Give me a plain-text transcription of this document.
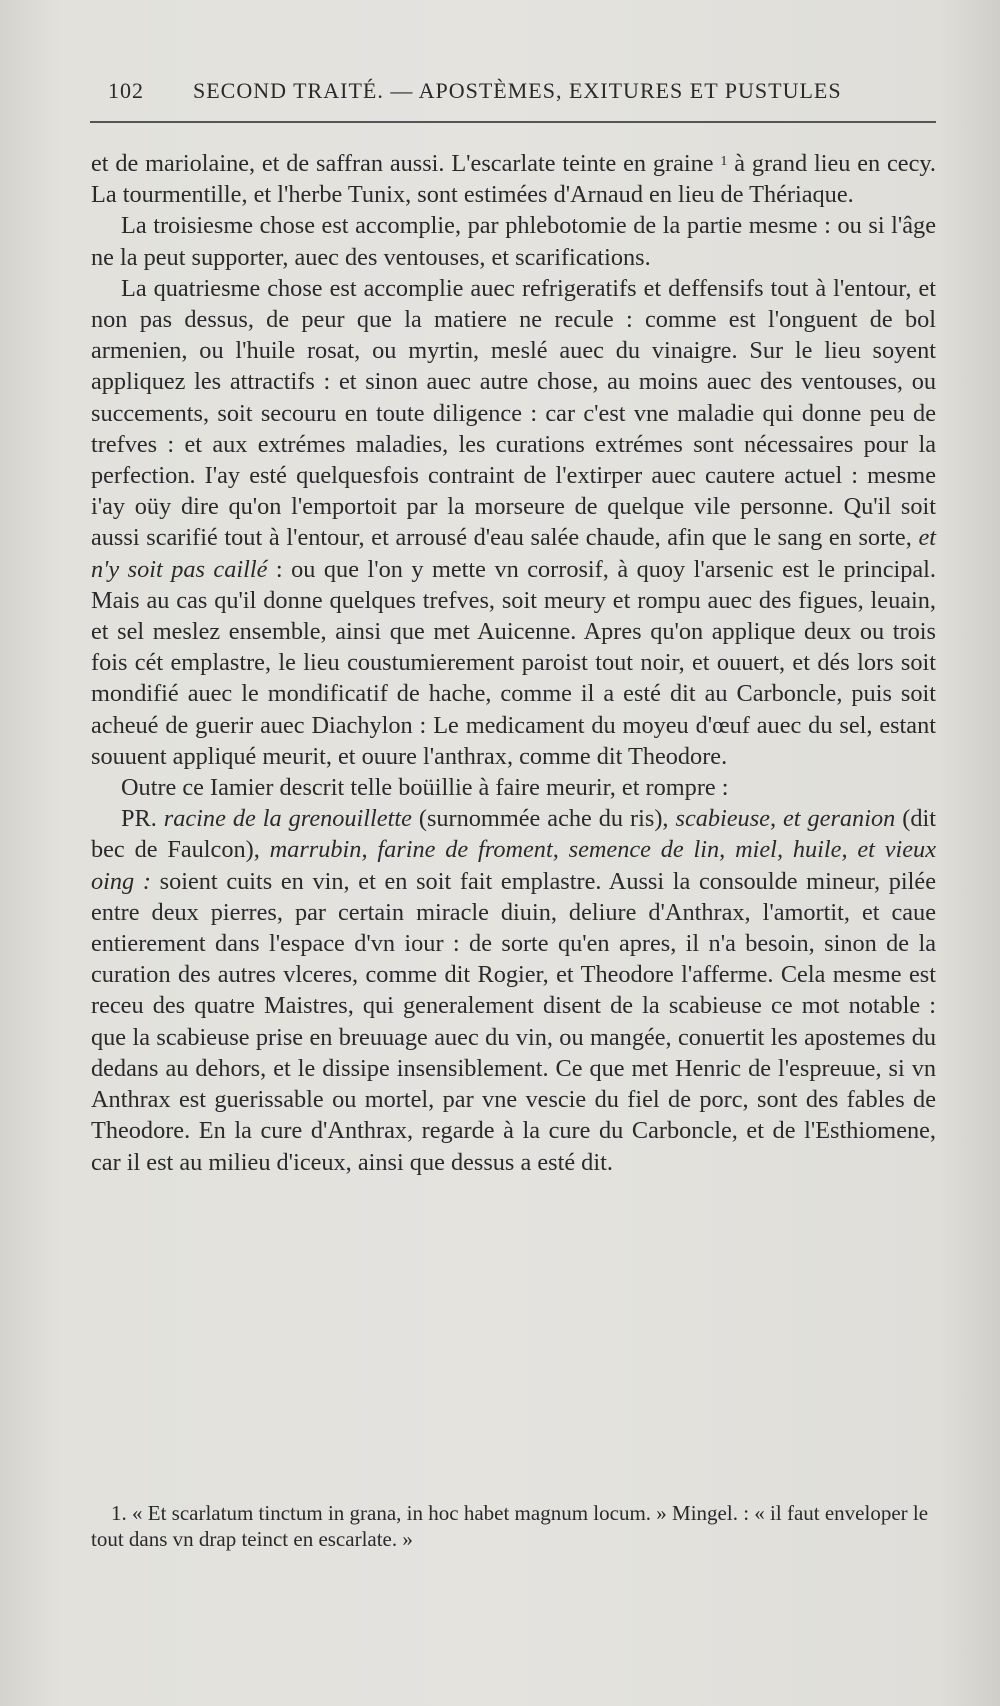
102 SECOND TRAITÉ. — APOSTÈMES, EXITURES ET PUSTULES

et de mariolaine, et de saffran aussi. L'escarlate teinte en graine $^1$ à grand lieu en cecy. La tourmentille, et l'herbe Tunix, sont estimées d'Arnaud en lieu de Thériaque.

La troisiesme chose est accomplie, par phlebotomie de la partie mesme : ou si l'âge ne la peut supporter, auec des ventouses, et scarifications.

La quatriesme chose est accomplie auec refrigeratifs et deffensifs tout à l'entour, et non pas dessus, de peur que la matiere ne recule : comme est l'onguent de bol armenien, ou l'huile rosat, ou myrtin, meslé auec du vinaigre. Sur le lieu soyent appliquez les attractifs : et sinon auec autre chose, au moins auec des ventouses, ou succements, soit secouru en toute diligence : car c'est vne maladie qui donne peu de trefves : et aux extrémes maladies, les curations extrémes sont nécessaires pour la perfection. I'ay esté quelquesfois contraint de l'extirper auec cautere actuel : mesme i'ay oüy dire qu'on l'emportoit par la morseure de quelque vile personne. Qu'il soit aussi scarifié tout à l'entour, et arrousé d'eau salée chaude, afin que le sang en sorte, et n'y soit pas caillé : ou que l'on y mette vn corrosif, à quoy l'arsenic est le principal. Mais au cas qu'il donne quelques trefves, soit meury et rompu auec des figues, leuain, et sel meslez ensemble, ainsi que met Auicenne. Apres qu'on applique deux ou trois fois cét emplastre, le lieu coustumierement paroist tout noir, et ouuert, et dés lors soit mondifié auec le mondificatif de hache, comme il a esté dit au Carboncle, puis soit acheué de guerir auec Diachylon : Le medicament du moyeu d'œuf auec du sel, estant souuent appliqué meurit, et ouure l'anthrax, comme dit Theodore.

Outre ce Iamier descrit telle boüillie à faire meurir, et rompre :

PR. racine de la grenouillette (surnommée ache du ris), scabieuse, et geranion (dit bec de Faulcon), marrubin, farine de froment, semence de lin, miel, huile, et vieux oing : soient cuits en vin, et en soit fait emplastre. Aussi la consoulde mineur, pilée entre deux pierres, par certain miracle diuin, deliure d'Anthrax, l'amortit, et caue entierement dans l'espace d'vn iour : de sorte qu'en apres, il n'a besoin, sinon de la curation des autres vlceres, comme dit Rogier, et Theodore l'afferme. Cela mesme est receu des quatre Maistres, qui generalement disent de la scabieuse ce mot notable : que la scabieuse prise en breuuage auec du vin, ou mangée, conuertit les apostemes du dedans au dehors, et le dissipe insensiblement. Ce que met Henric de l'espreuue, si vn Anthrax est guerissable ou mortel, par vne vescie du fiel de porc, sont des fables de Theodore. En la cure d'Anthrax, regarde à la cure du Carboncle, et de l'Esthiomene, car il est au milieu d'iceux, ainsi que dessus a esté dit.

1. « Et scarlatum tinctum in grana, in hoc habet magnum locum. » Mingel. : « il faut enveloper le tout dans vn drap teinct en escarlate. »
